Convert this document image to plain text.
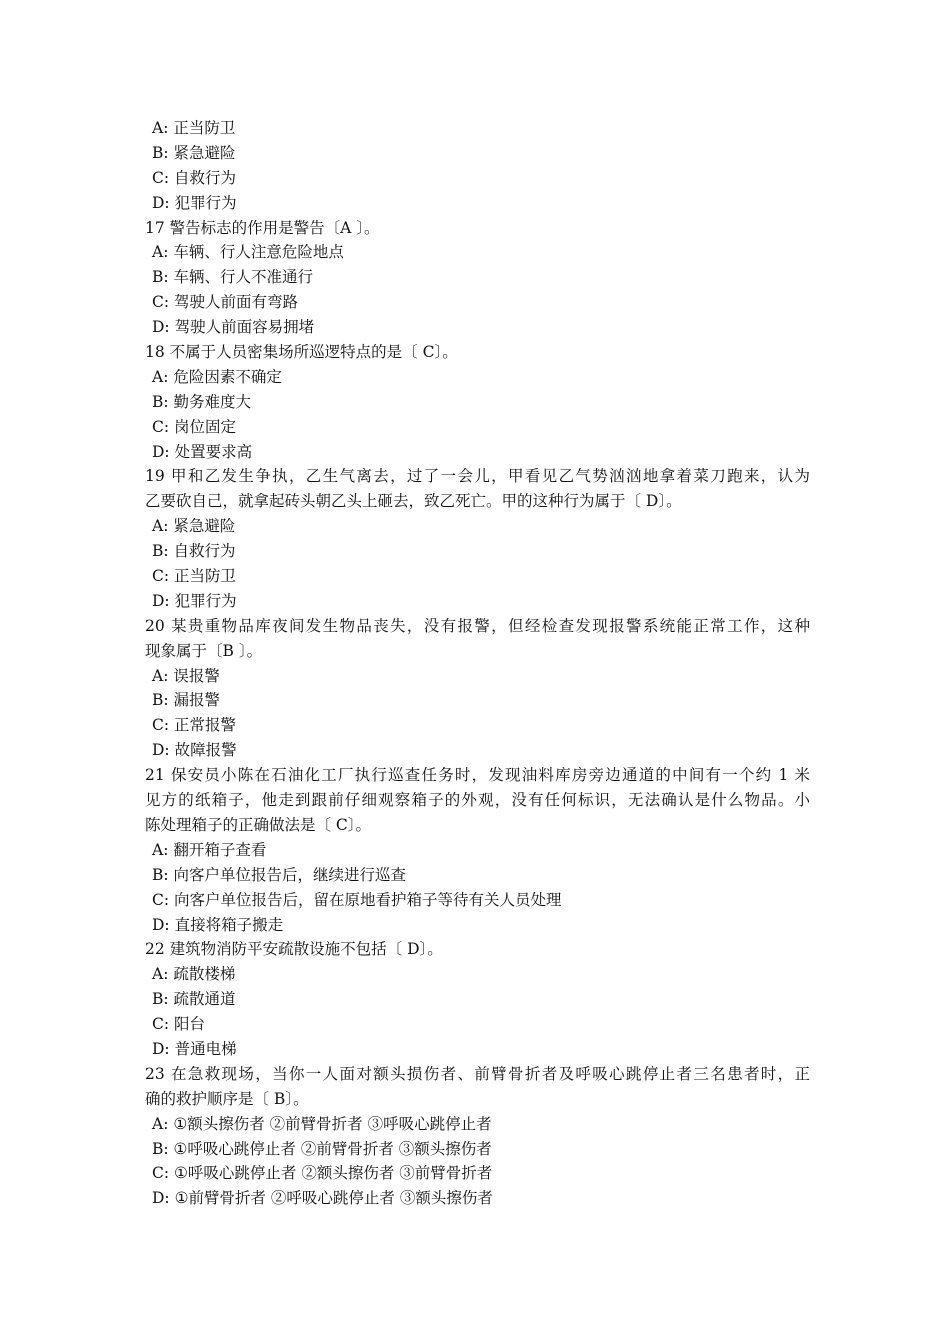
A: 正当防卫
B: 紧急避险
C: 自救行为
D: 犯罪行为
17 警告标志的作用是警告〔A 〕。
A: 车辆、行人注意危险地点
B: 车辆、行人不准通行
C: 驾驶人前面有弯路
D: 驾驶人前面容易拥堵
18 不属于人员密集场所巡逻特点的是〔 C〕。
A: 危险因素不确定
B: 勤务难度大
C: 岗位固定
D: 处置要求高
19 甲和乙发生争执，乙生气离去，过了一会儿，甲看见乙气势汹汹地拿着菜刀跑来，认为
乙要砍自己，就拿起砖头朝乙头上砸去，致乙死亡。甲的这种行为属于〔 D〕。
A: 紧急避险
B: 自救行为
C: 正当防卫
D: 犯罪行为
20 某贵重物品库夜间发生物品丧失，没有报警，但经检查发现报警系统能正常工作，这种
现象属于〔B 〕。
A: 误报警
B: 漏报警
C: 正常报警
D: 故障报警
21 保安员小陈在石油化工厂执行巡查任务时，发现油料库房旁边通道的中间有一个约 1 米
见方的纸箱子，他走到跟前仔细观察箱子的外观，没有任何标识，无法确认是什么物品。小
陈处理箱子的正确做法是〔 C〕。
A: 翻开箱子查看
B: 向客户单位报告后，继续进行巡查
C: 向客户单位报告后，留在原地看护箱子等待有关人员处理
D: 直接将箱子搬走
22 建筑物消防平安疏散设施不包括〔 D〕。
A: 疏散楼梯
B: 疏散通道
C: 阳台
D: 普通电梯
23 在急救现场，当你一人面对额头损伤者、前臂骨折者及呼吸心跳停止者三名患者时，正
确的救护顺序是〔 B〕。
A: ①额头擦伤者 ②前臂骨折者 ③呼吸心跳停止者
B: ①呼吸心跳停止者 ②前臂骨折者 ③额头擦伤者
C: ①呼吸心跳停止者 ②额头擦伤者 ③前臂骨折者
D: ①前臂骨折者 ②呼吸心跳停止者 ③额头擦伤者
